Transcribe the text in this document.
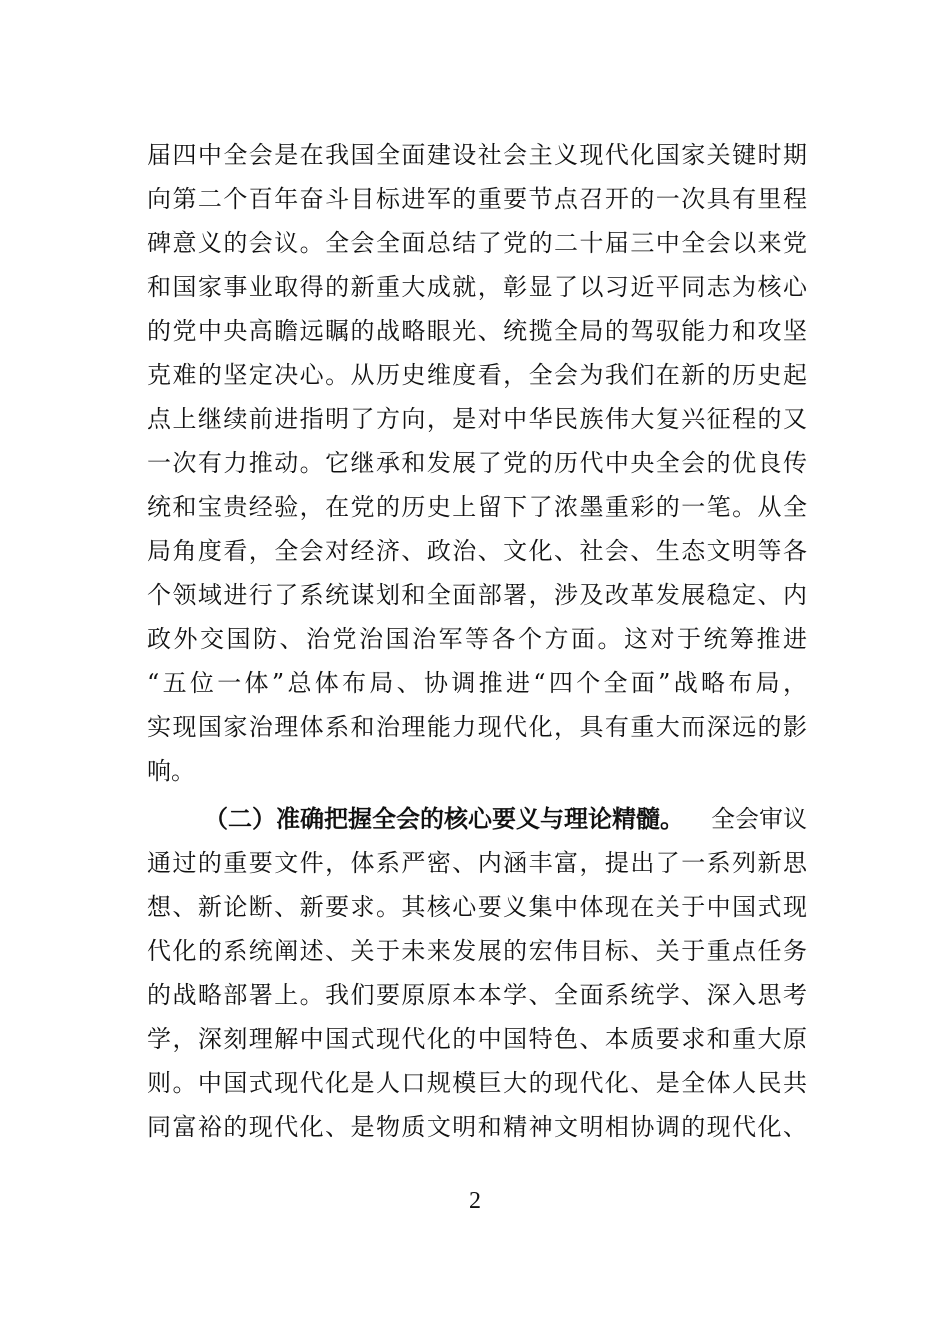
届四中全会是在我国全面建设社会主义现代化国家关键时期
向第二个百年奋斗目标进军的重要节点召开的一次具有里程
碑意义的会议。全会全面总结了党的二十届三中全会以来党
和国家事业取得的新重大成就，彰显了以习近平同志为核心
的党中央高瞻远瞩的战略眼光、统揽全局的驾驭能力和攻坚
克难的坚定决心。从历史维度看，全会为我们在新的历史起
点上继续前进指明了方向，是对中华民族伟大复兴征程的又
一次有力推动。它继承和发展了党的历代中央全会的优良传
统和宝贵经验，在党的历史上留下了浓墨重彩的一笔。从全
局角度看，全会对经济、政治、文化、社会、生态文明等各
个领域进行了系统谋划和全面部署，涉及改革发展稳定、内
政外交国防、治党治国治军等各个方面。这对于统筹推进
“五位一体”总体布局、协调推进“四个全面”战略布局，
实现国家治理体系和治理能力现代化，具有重大而深远的影
响。
（二）准确把握全会的核心要义与理论精髓。 全会审议
通过的重要文件，体系严密、内涵丰富，提出了一系列新思
想、新论断、新要求。其核心要义集中体现在关于中国式现
代化的系统阐述、关于未来发展的宏伟目标、关于重点任务
的战略部署上。我们要原原本本学、全面系统学、深入思考
学，深刻理解中国式现代化的中国特色、本质要求和重大原
则。中国式现代化是人口规模巨大的现代化、是全体人民共
同富裕的现代化、是物质文明和精神文明相协调的现代化、
2
